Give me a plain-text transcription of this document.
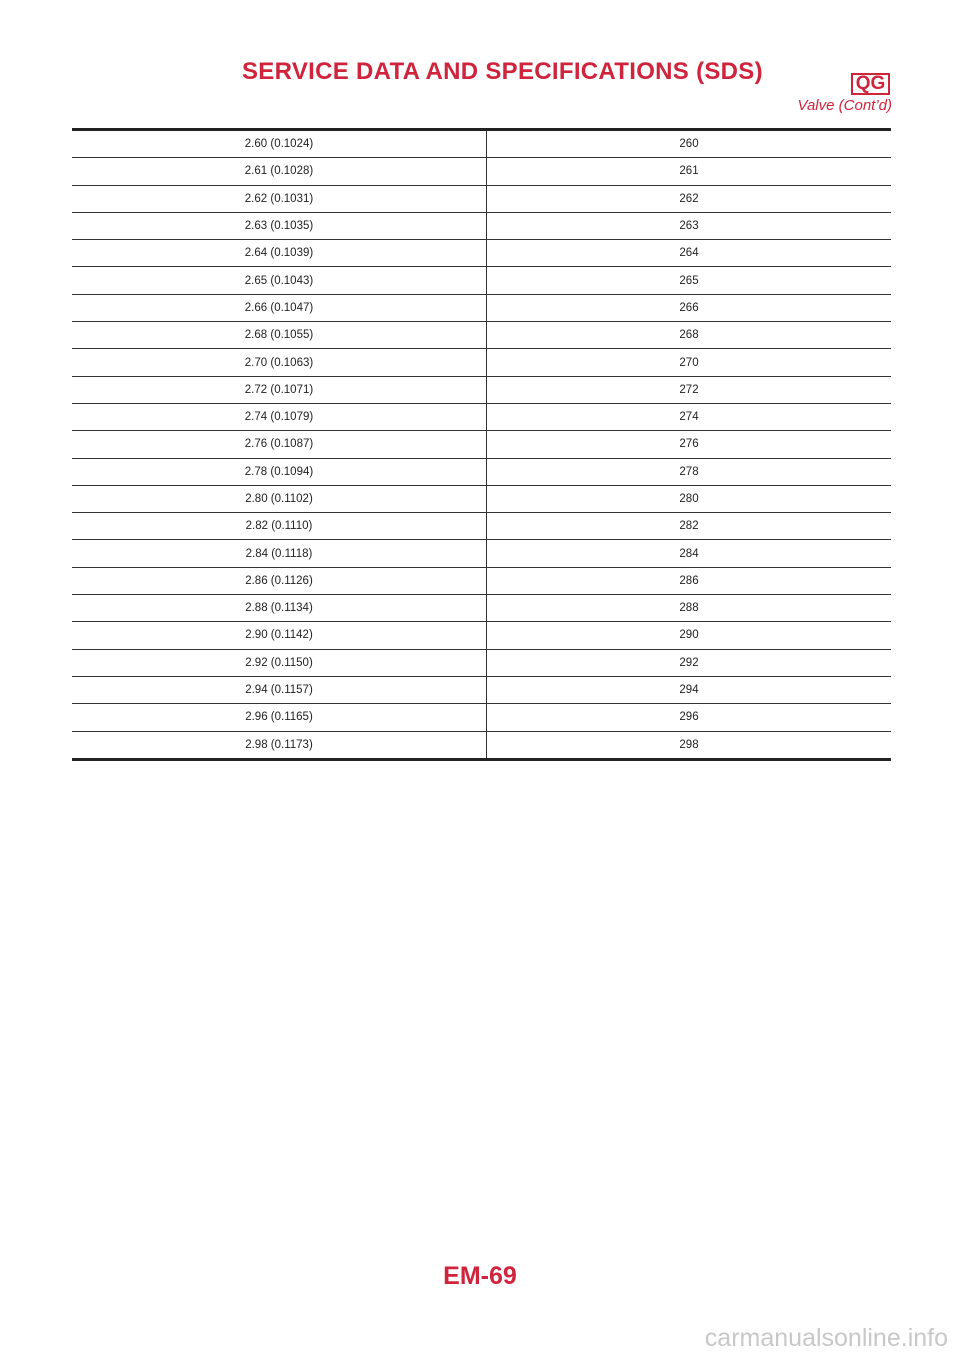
SERVICE DATA AND SPECIFICATIONS (SDS)	QG
Valve (Cont’d)
2.60 (0.1024)	260
2.61 (0.1028)	261
2.62 (0.1031)	262
2.63 (0.1035)	263
2.64 (0.1039)	264
2.65 (0.1043)	265
2.66 (0.1047)	266
2.68 (0.1055)	268
2.70 (0.1063)	270
2.72 (0.1071)	272
2.74 (0.1079)	274
2.76 (0.1087)	276
2.78 (0.1094)	278
2.80 (0.1102)	280
2.82 (0.1110)	282
2.84 (0.1118)	284
2.86 (0.1126)	286
2.88 (0.1134)	288
2.90 (0.1142)	290
2.92 (0.1150)	292
2.94 (0.1157)	294
2.96 (0.1165)	296
2.98 (0.1173)	298
EM-69
carmanualsonline.info
